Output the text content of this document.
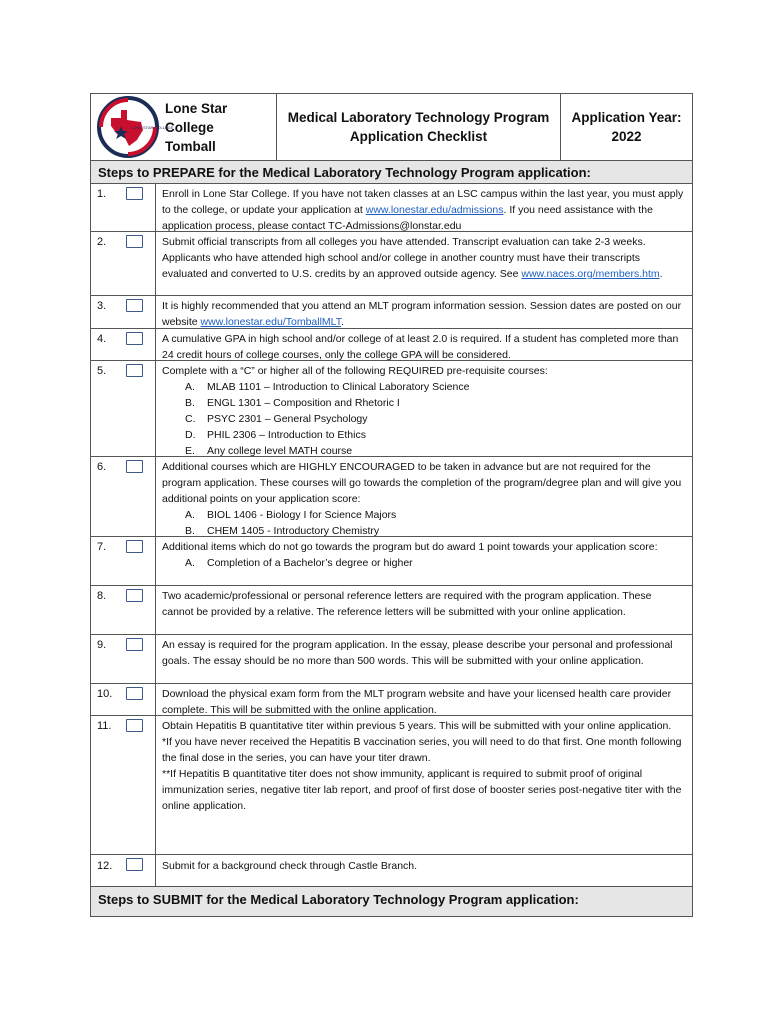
LONE STAR COLLEGE
Lone Star College
Tomball
Medical Laboratory Technology Program
Application Checklist
Application Year:
2022
Steps to PREPARE for the Medical Laboratory Technology Program application:
1.	Enroll in Lone Star College. If you have not taken classes at an LSC campus within the last year, you must apply to the college, or update your application at www.lonestar.edu/admissions. If you need assistance with the application process, please contact TC-Admissions@lonstar.edu

2.	Submit official transcripts from all colleges you have attended. Transcript evaluation can take 2-3 weeks. Applicants who have attended high school and/or college in another country must have their transcripts evaluated and converted to U.S. credits by an approved outside agency. See www.naces.org/members.htm.

3.	It is highly recommended that you attend an MLT program information session. Session dates are posted on our website www.lonestar.edu/TomballMLT.

4.	A cumulative GPA in high school and/or college of at least 2.0 is required. If a student has completed more than 24 credit hours of college courses, only the college GPA will be considered.

5.	Complete with a “C” or higher all of the following REQUIRED pre-requisite courses:

A.	MLAB 1101 – Introduction to Clinical Laboratory Science
B.	ENGL 1301 – Composition and Rhetoric I
C.	PSYC 2301 – General Psychology
D.	PHIL 2306 – Introduction to Ethics
E.	Any college level MATH course
6.	Additional courses which are HIGHLY ENCOURAGED to be taken in advance but are not required for the program application. These courses will go towards the completion of the program/degree plan and will give you additional points on your application score:

A.	BIOL 1406 - Biology I for Science Majors
B.	CHEM 1405 - Introductory Chemistry
7.	Additional items which do not go towards the program but do award 1 point towards your application score:

A.	Completion of a Bachelor’s degree or higher
8.	Two academic/professional or personal reference letters are required with the program application. These cannot be provided by a relative. The reference letters will be submitted with your online application.

9.	An essay is required for the program application. In the essay, please describe your personal and professional goals. The essay should be no more than 500 words. This will be submitted with your online application.

10.	Download the physical exam form from the MLT program website and have your licensed health care provider complete. This will be submitted with the online application.

11.	Obtain Hepatitis B quantitative titer within previous 5 years. This will be submitted with your online application.

*If you have never received the Hepatitis B vaccination series, you will need to do that first. One month following the final dose in the series, you can have your titer drawn.

**If Hepatitis B quantitative titer does not show immunity, applicant is required to submit proof of original immunization series, negative titer lab report, and proof of first dose of booster series post-negative titer with the online application.

12.	Submit for a background check through Castle Branch.

Steps to SUBMIT for the Medical Laboratory Technology Program application:
